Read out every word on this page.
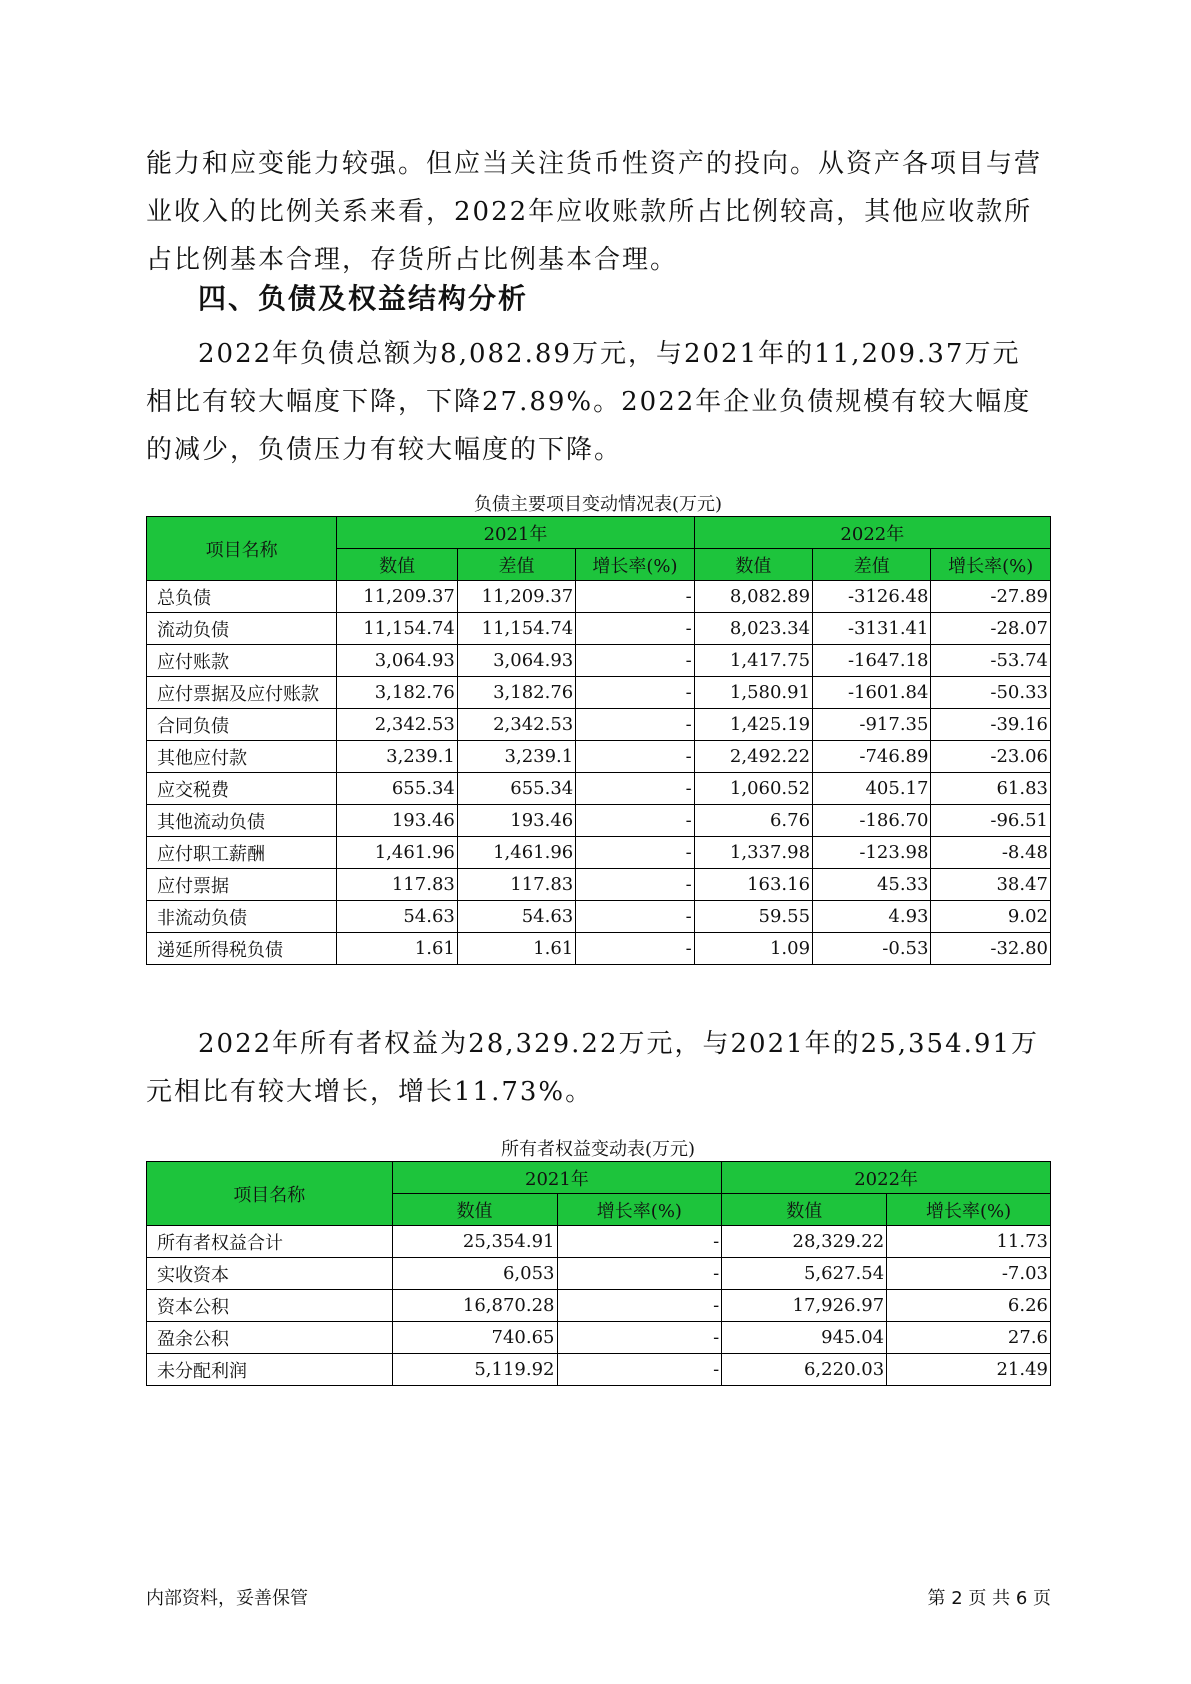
能力和应变能力较强。但应当关注货币性资产的投向。从资产各项目与营业收入的比例关系来看，2022年应收账款所占比例较高，其他应收款所占比例基本合理，存货所占比例基本合理。

四、负债及权益结构分析

2022年负债总额为8,082.89万元，与2021年的11,209.37万元相比有较大幅度下降，下降27.89%。2022年企业负债规模有较大幅度的减少，负债压力有较大幅度的下降。

负债主要项目变动情况表(万元)

项目名称	2021年			2022年		
	数值	差值	增长率(%)	数值	差值	增长率(%)
总负债	11,209.37	11,209.37	-	8,082.89	-3126.48	-27.89
流动负债	11,154.74	11,154.74	-	8,023.34	-3131.41	-28.07
应付账款	3,064.93	3,064.93	-	1,417.75	-1647.18	-53.74
应付票据及应付账款	3,182.76	3,182.76	-	1,580.91	-1601.84	-50.33
合同负债	2,342.53	2,342.53	-	1,425.19	-917.35	-39.16
其他应付款	3,239.1	3,239.1	-	2,492.22	-746.89	-23.06
应交税费	655.34	655.34	-	1,060.52	405.17	61.83
其他流动负债	193.46	193.46	-	6.76	-186.70	-96.51
应付职工薪酬	1,461.96	1,461.96	-	1,337.98	-123.98	-8.48
应付票据	117.83	117.83	-	163.16	45.33	38.47
非流动负债	54.63	54.63	-	59.55	4.93	9.02
递延所得税负债	1.61	1.61	-	1.09	-0.53	-32.80

2022年所有者权益为28,329.22万元，与2021年的25,354.91万元相比有较大增长，增长11.73%。

所有者权益变动表(万元)

项目名称	2021年		2022年	
	数值	增长率(%)	数值	增长率(%)
所有者权益合计	25,354.91	-	28,329.22	11.73
实收资本	6,053	-	5,627.54	-7.03
资本公积	16,870.28	-	17,926.97	6.26
盈余公积	740.65	-	945.04	27.6
未分配利润	5,119.92	-	6,220.03	21.49

内部资料，妥善保管	第 2 页 共 6 页
